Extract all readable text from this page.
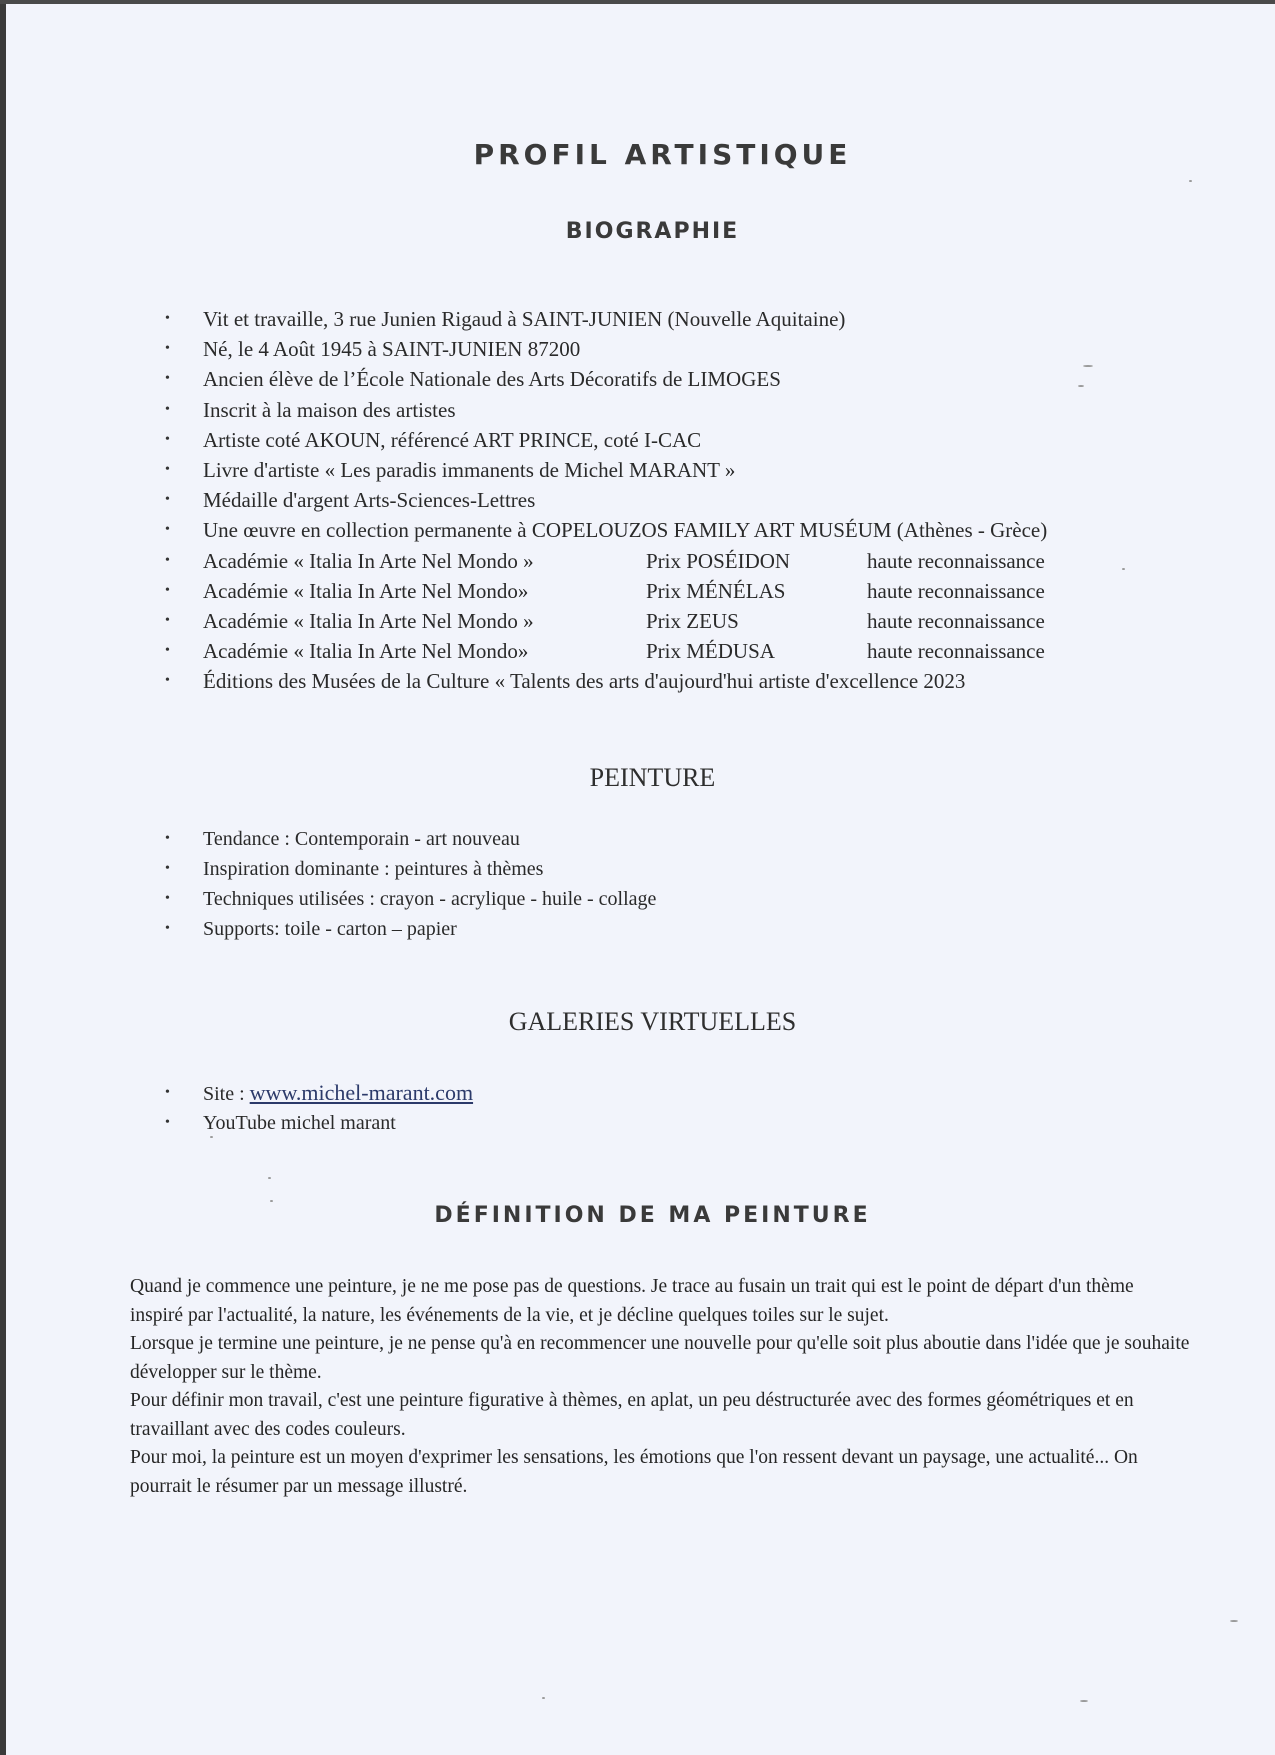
PROFIL ARTISTIQUE
BIOGRAPHIE
• Vit et travaille, 3 rue Junien Rigaud à SAINT-JUNIEN (Nouvelle Aquitaine)
• Né, le 4 Août 1945 à SAINT-JUNIEN 87200
• Ancien élève de l’École Nationale des Arts Décoratifs de LIMOGES
• Inscrit à la maison des artistes
• Artiste coté AKOUN, référencé ART PRINCE, coté I-CAC
• Livre d'artiste « Les paradis immanents de Michel MARANT »
• Médaille d'argent Arts-Sciences-Lettres
• Une œuvre en collection permanente à COPELOUZOS FAMILY ART MUSÉUM (Athènes - Grèce)
• Académie « Italia In Arte Nel Mondo »	Prix POSÉIDON	haute reconnaissance
• Académie « Italia In Arte Nel Mondo»	Prix MÉNÉLAS	haute reconnaissance
• Académie « Italia In Arte Nel Mondo »	Prix ZEUS	haute reconnaissance
• Académie « Italia In Arte Nel Mondo»	Prix MÉDUSA	haute reconnaissance
• Éditions des Musées de la Culture « Talents des arts d'aujourd'hui artiste d'excellence 2023
PEINTURE
• Tendance : Contemporain - art nouveau
• Inspiration dominante : peintures à thèmes
• Techniques utilisées : crayon - acrylique - huile - collage
• Supports: toile - carton – papier
GALERIES VIRTUELLES
• Site : www.michel-marant.com
• YouTube michel marant
DÉFINITION DE MA PEINTURE

Quand je commence une peinture, je ne me pose pas de questions. Je trace au fusain un trait qui est le point de départ d'un thème inspiré par l'actualité, la nature, les événements de la vie, et je décline quelques toiles sur le sujet.

Lorsque je termine une peinture, je ne pense qu'à en recommencer une nouvelle pour qu'elle soit plus aboutie dans l'idée que je souhaite développer sur le thème.

Pour définir mon travail, c'est une peinture figurative à thèmes, en aplat, un peu déstructurée avec des formes géométriques et en travaillant avec des codes couleurs.

Pour moi, la peinture est un moyen d'exprimer les sensations, les émotions que l'on ressent devant un paysage, une actualité... On pourrait le résumer par un message illustré.
